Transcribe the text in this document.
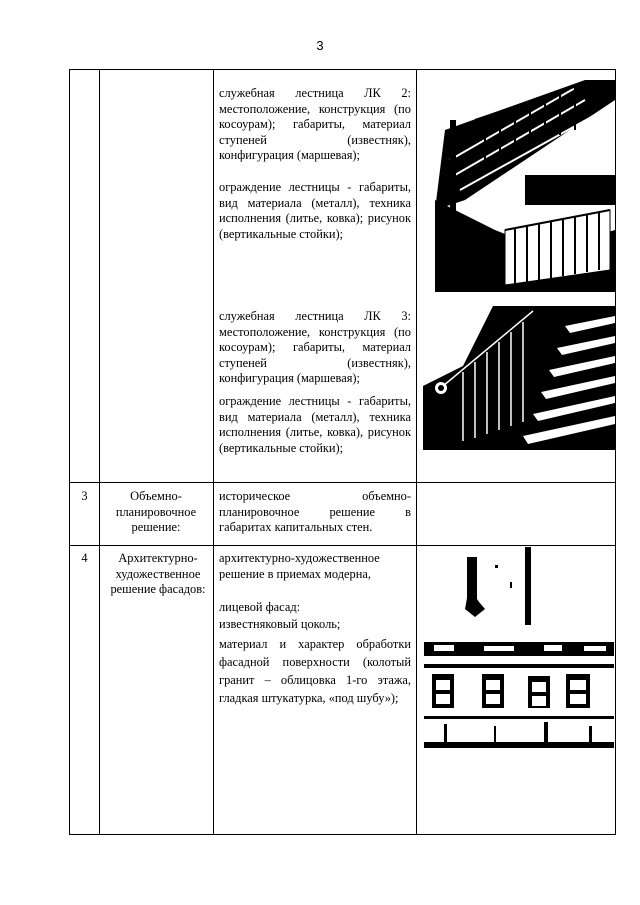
3
служебная лестница ЛК 2: местоположение, конструкция (по косоурам); габариты, материал ступеней (известняк), конфигурация (маршевая);
ограждение лестницы - габариты, вид материала (металл), техника исполнения (литье, ковка); рисунок (вертикальные стойки);
служебная лестница ЛК 3: местоположение, конструкция (по косоурам); габариты, материал ступеней (известняк), конфигурация (маршевая);
ограждение лестницы - габариты, вид материала (металл), техника исполнения (литье, ковка), рисунок (вертикальные стойки);
3	Объемно-планировочное решение:
историческое объемно-планировочное решение в габаритах капитальных стен.
4	Архитектурно-художественное решение фасадов:
архитектурно-художественное решение в приемах модерна,
лицевой фасад:
известняковый цоколь;
материал и характер обработки фасадной поверхности (колотый гранит – облицовка 1-го этажа, гладкая штукатурка, «под шубу»);
